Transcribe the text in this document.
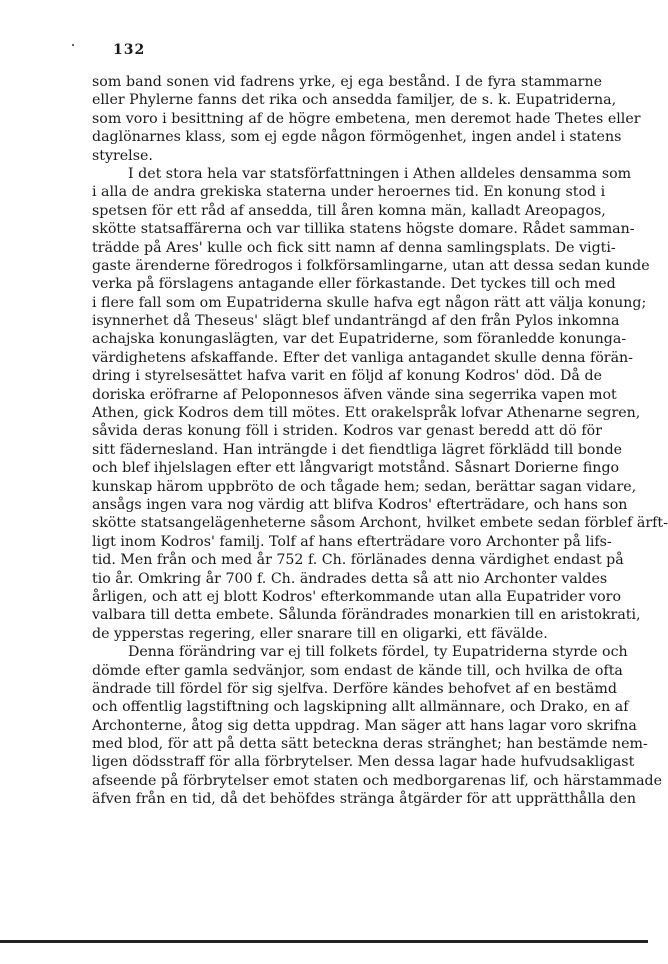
132
som band sonen vid fadrens yrke, ej ega bestånd. I de fyra stammarne
eller Phylerne fanns det rika och ansedda familjer, de s. k. Eupatriderna,
som voro i besittning af de högre embetena, men deremot hade Thetes eller
daglönarnes klass, som ej egde någon förmögenhet, ingen andel i statens
styrelse.
I det stora hela var statsförfattningen i Athen alldeles densamma som
i alla de andra grekiska staterna under heroernes tid. En konung stod i
spetsen för ett råd af ansedda, till åren komna män, kalladt Areopagos,
skötte statsaffärerna och var tillika statens högste domare. Rådet samman-
trädde på Ares' kulle och fick sitt namn af denna samlingsplats. De vigti-
gaste ärenderne föredrogos i folkförsamlingarne, utan att dessa sedan kunde
verka på förslagens antagande eller förkastande. Det tyckes till och med
i flere fall som om Eupatriderna skulle hafva egt någon rätt att välja konung;
isynnerhet då Theseus' slägt blef undanträngd af den från Pylos inkomna
achajska konungaslägten, var det Eupatriderne, som föranledde konunga-
värdighetens afskaffande. Efter det vanliga antagandet skulle denna förän-
dring i styrelsesättet hafva varit en följd af konung Kodros' död. Då de
doriska eröfrarne af Peloponnesos äfven vände sina segerrika vapen mot
Athen, gick Kodros dem till mötes. Ett orakelspråk lofvar Athenarne segren,
såvida deras konung föll i striden. Kodros var genast beredd att dö för
sitt fädernesland. Han inträngde i det fiendtliga lägret förklädd till bonde
och blef ihjelslagen efter ett långvarigt motstånd. Såsnart Dorierne fingo
kunskap härom uppbröto de och tågade hem; sedan, berättar sagan vidare,
ansågs ingen vara nog värdig att blifva Kodros' efterträdare, och hans son
skötte statsangelägenheterne såsom Archont, hvilket embete sedan förblef ärft-
ligt inom Kodros' familj. Tolf af hans efterträdare voro Archonter på lifs-
tid. Men från och med år 752 f. Ch. förlänades denna värdighet endast på
tio år. Omkring år 700 f. Ch. ändrades detta så att nio Archonter valdes
årligen, och att ej blott Kodros' efterkommande utan alla Eupatrider voro
valbara till detta embete. Sålunda förändrades monarkien till en aristokrati,
de ypperstas regering, eller snarare till en oligarki, ett fävälde.
Denna förändring var ej till folkets fördel, ty Eupatriderna styrde och
dömde efter gamla sedvänjor, som endast de kände till, och hvilka de ofta
ändrade till fördel för sig sjelfva. Derföre kändes behofvet af en bestämd
och offentlig lagstiftning och lagskipning allt allmännare, och Drako, en af
Archonterne, åtog sig detta uppdrag. Man säger att hans lagar voro skrifna
med blod, för att på detta sätt beteckna deras stränghet; han bestämde nem-
ligen dödsstraff för alla förbrytelser. Men dessa lagar hade hufvudsakligast
afseende på förbrytelser emot staten och medborgarenas lif, och härstammade
äfven från en tid, då det behöfdes stränga åtgärder för att upprätthålla den
